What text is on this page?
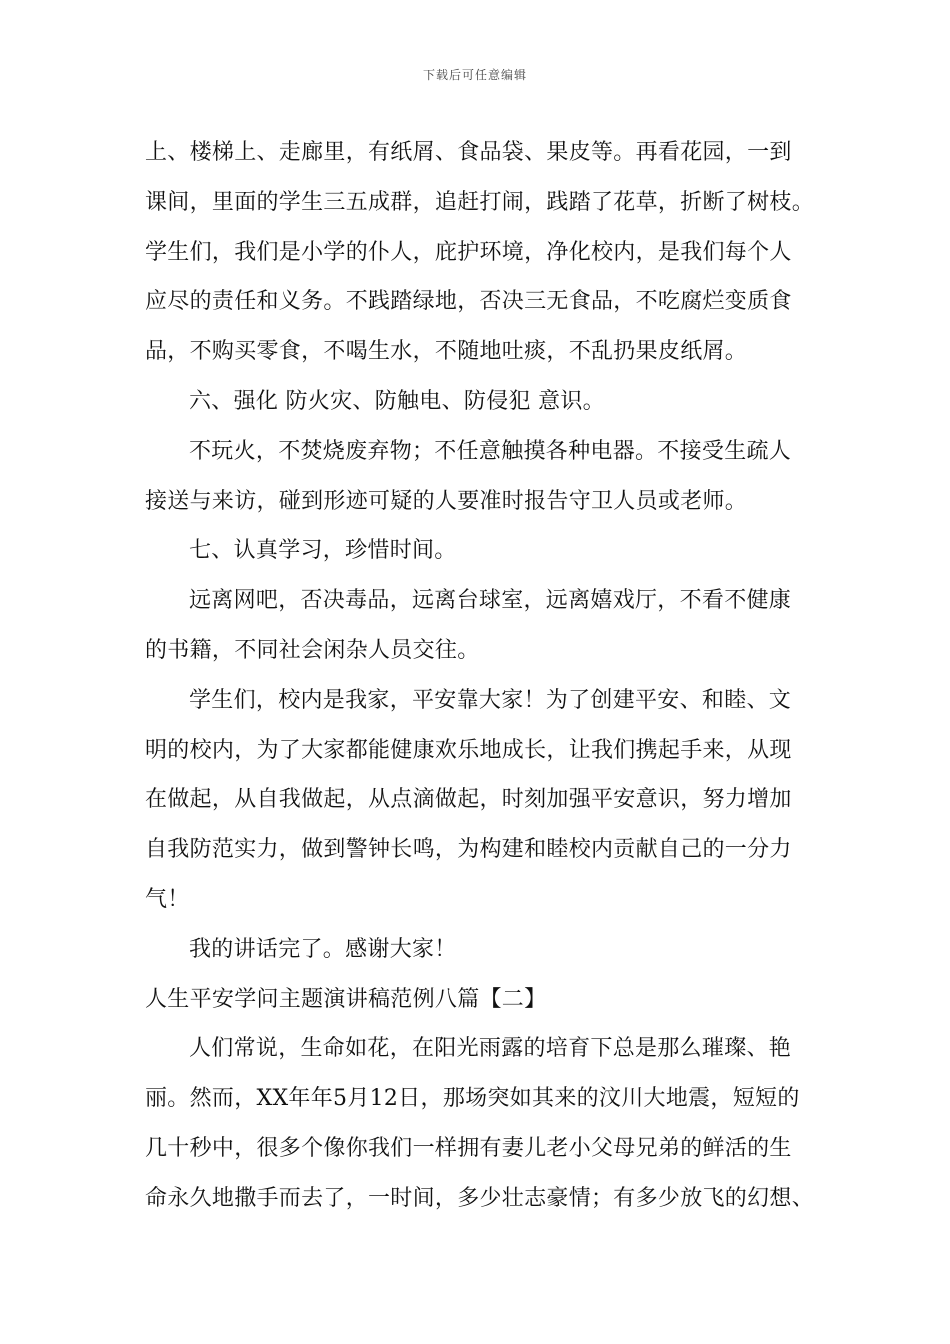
下载后可任意编辑
上、楼梯上、走廊里，有纸屑、食品袋、果皮等。再看花园，一到
课间，里面的学生三五成群，追赶打闹，践踏了花草，折断了树枝。
学生们，我们是小学的仆人，庇护环境，净化校内，是我们每个人
应尽的责任和义务。不践踏绿地，否决三无食品，不吃腐烂变质食
品，不购买零食，不喝生水，不随地吐痰，不乱扔果皮纸屑。
六、强化 防火灾、防触电、防侵犯 意识。
不玩火，不焚烧废弃物；不任意触摸各种电器。不接受生疏人
接送与来访，碰到形迹可疑的人要准时报告守卫人员或老师。
七、认真学习，珍惜时间。
远离网吧，否决毒品，远离台球室，远离嬉戏厅，不看不健康
的书籍，不同社会闲杂人员交往。
学生们，校内是我家，平安靠大家！为了创建平安、和睦、文
明的校内，为了大家都能健康欢乐地成长，让我们携起手来，从现
在做起，从自我做起，从点滴做起，时刻加强平安意识，努力增加
自我防范实力，做到警钟长鸣，为构建和睦校内贡献自己的一分力
气！
我的讲话完了。感谢大家！
人生平安学问主题演讲稿范例八篇【二】
人们常说，生命如花，在阳光雨露的培育下总是那么璀璨、艳
丽。然而，XX年年5月12日，那场突如其来的汶川大地震，短短的
几十秒中，很多个像你我们一样拥有妻儿老小父母兄弟的鲜活的生
命永久地撒手而去了，一时间，多少壮志豪情；有多少放飞的幻想、
